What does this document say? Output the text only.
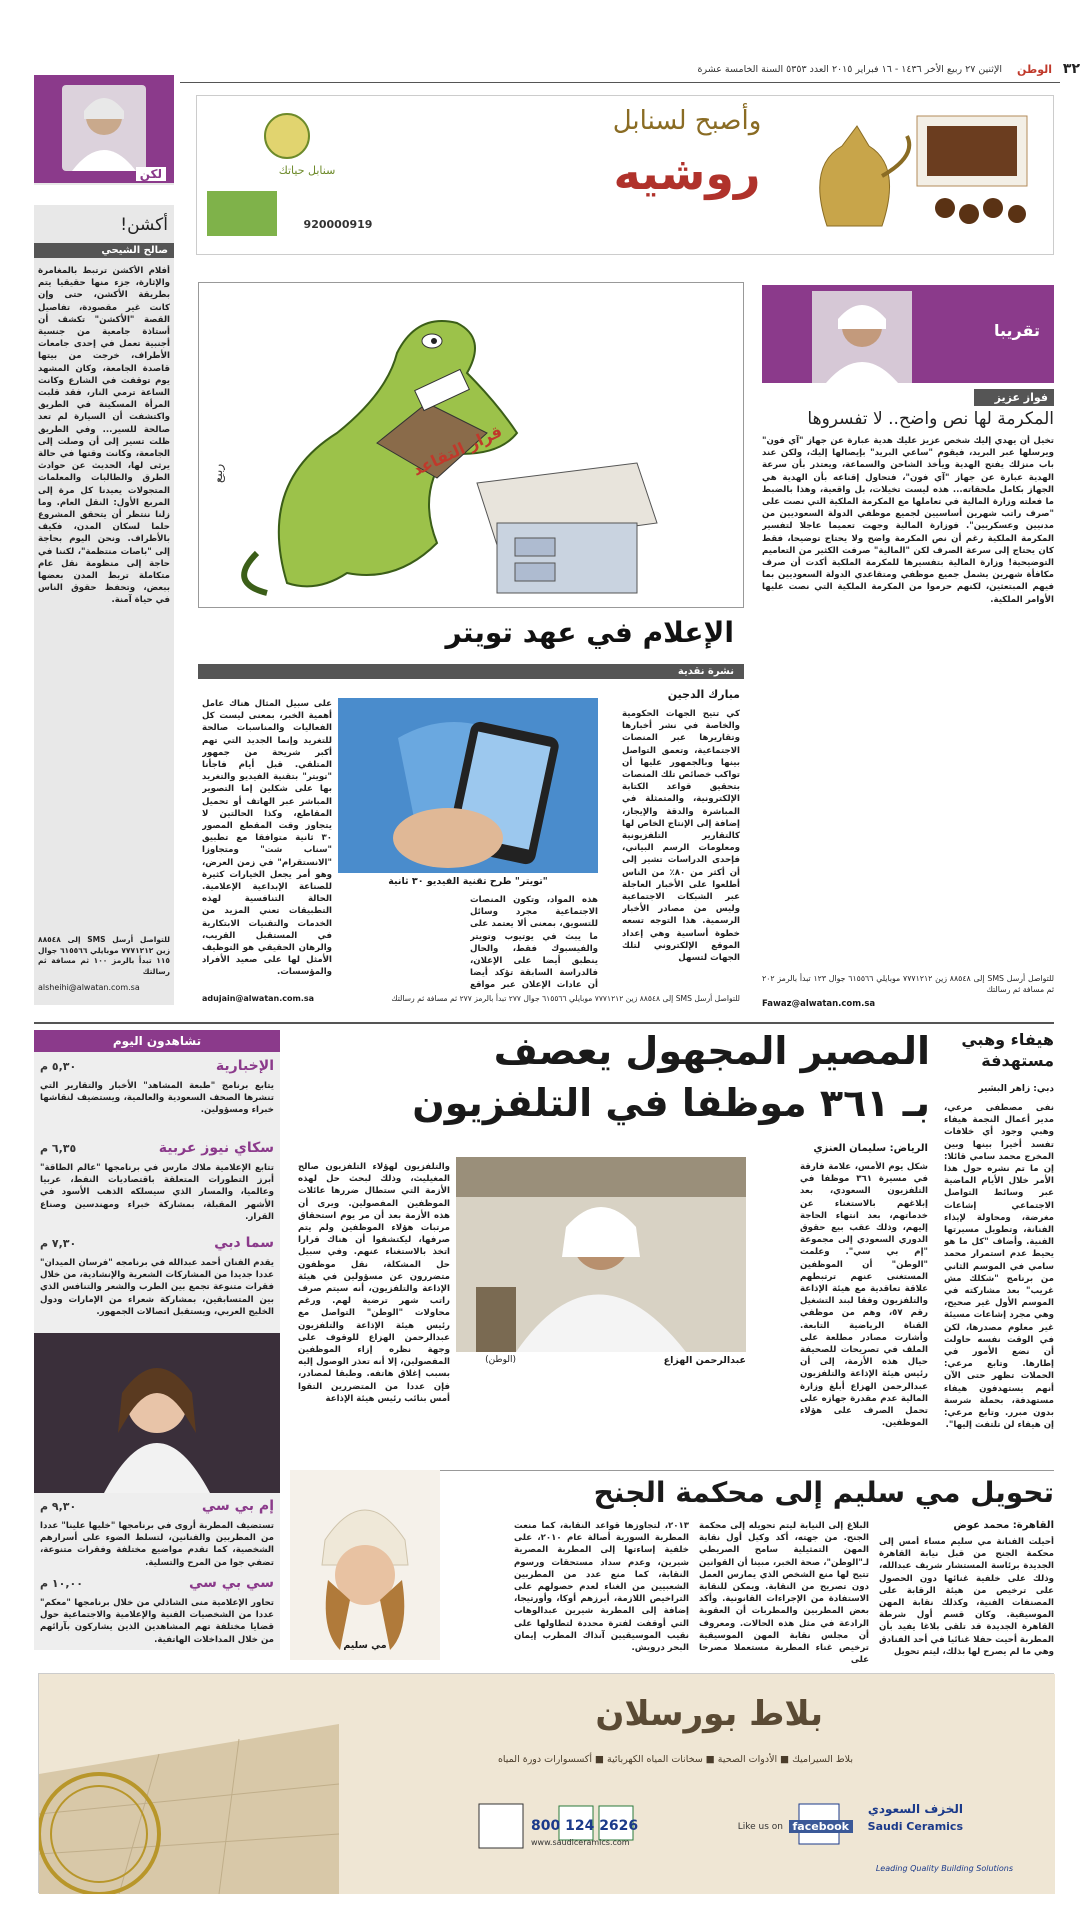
٣٢
الوطن
الإثنين ٢٧ ربيع الأخر ١٤٣٦ - ١٦ فبراير ٢٠١٥ العدد ٥٣٥٣ السنة الخامسة عشرة
وأصبح لسنابل
روشيه
سنابل حياتك
920000919
لكن
أكشن!
صالح الشيحي
أفلام الأكشن ترتبط بالمغامرة والإثارة، جزء منها حقيقيا يتم بطريقة الأكشن، حتى وإن كانت غير مقصودة، تفاصيل القصة "الأكشن" تكشف أن أستاذة جامعية من جنسية أجنبية تعمل في إحدى جامعات الأطراف، خرجت من بيتها قاصدة الجامعة، وكان المشهد يوم توقفت في الشارع وكانت الساعة ترمي النار، فقد قلبت المرأة المسكينة في الطريق واكتشفت أن السيارة لم تعد صالحة للسير... وفي الطريق ظلت تسير إلى أن وصلت إلى الجامعة، وكانت وقتها في حالة يرثى لها، الحديث عن حوادث الطرق والطالبات والمعلمات المتجولات يعيدنا كل مرة إلى المربع الأول: النقل العام. وما زلنا ننتظر أن يتحقق المشروع حلما لسكان المدن، فكيف بالأطراف. ونحن اليوم بحاجة إلى "باصات منتظمة"، لكننا في حاجة إلى منظومة نقل عام متكاملة تربط المدن بعضها ببعض، وتحفظ حقوق الناس في حياة آمنة.
للتواصل أرسل SMS إلى ٨٨٥٤٨ زين ٧٧٧١٢١٢ موبايلي ٦١٥٥٦٦ جوال ١١٥ تبدأ بالرمز ١٠٠ ثم مسافة ثم رسالتك
alsheihi@alwatan.com.sa
تقريبا
فواز عزيز
المكرمة لها نص واضح.. لا تفسروها
تخيل أن يهدي إليك شخص عزيز عليك هدية عبارة عن جهاز "آي فون" ويرسلها عبر البريد، فيقوم "ساعي البريد" بإيصالها إليك، ولكن عند باب منزلك يفتح الهدية ويأخذ الشاحن والسماعة، ويعتذر بأن سرعة الهدية عبارة عن جهاز "آي فون"، فتحاول إقناعه بأن الهدية هي الجهاز بكامل ملحقاته... هذه ليست تخيلات، بل واقعية، وهذا بالضبط ما فعلته وزارة المالية في تعاملها مع المكرمة الملكية التي نصت على "صرف راتب شهرين أساسيين لجميع موظفي الدولة السعوديين من مدنيين وعسكريين". فوزارة المالية وجهت تعميما عاجلا لتفسير المكرمة الملكية رغم أن نص المكرمة واضح ولا يحتاج توضيحا، فقط كان يحتاج إلى سرعة الصرف لكن "المالية" صرفت الكثير من التعاميم التوضيحية! وزارة المالية بتفسيرها للمكرمة الملكية أكدت أن صرف مكافأة شهرين يشمل جميع موظفي ومتقاعدي الدولة السعوديين بما فيهم المبتعثين، لكنهم حرموا من المكرمة الملكية التي نصت عليها الأوامر الملكية.
للتواصل أرسل SMS إلى ٨٨٥٤٨ زين ٧٧٧١٢١٢ موبايلي ٦١٥٥٦٦ جوال ١٢٣ تبدأ بالرمز ٢٠٢ ثم مسافة ثم رسالتك
Fawaz@alwatan.com.sa
قرار التقاعد
ربيع
الإعلام في عهد تويتر
نشرة نقدية
مبارك الدجين
كي تتيح الجهات الحكومية والخاصة في نشر أخبارها وتقاريرها عبر المنصات الاجتماعية، وتعمق التواصل بينها وبالجمهور عليها أن تواكب خصائص تلك المنصات بتحقيق قواعد الكتابة الإلكترونية، والمتمثلة في المباشرة والدقة والإيجاز، إضافة إلى الإنتاج الخاص لها كالتقارير التلفزيونية ومعلومات الرسم البياني، فإحدى الدراسات تشير إلى أن أكثر من ٨٠٪ من الناس أطلعوا على الأخبار العاجلة عبر الشبكات الاجتماعية وليس من مصادر الأخبار الرسمية. هذا التوجه تسعه خطوة أساسية وهي إعداد الموقع الإلكتروني لتلك الجهات لتسهل
"تويتر" طرح تقنية الفيديو ٣٠ ثانية
هذه المواد، وتكون المنصات الاجتماعية مجرد وسائل للتسويق، بمعنى ألا يعتمد على ما يبث في يوتيوب وتويتر والفيسبوك فقط، والحال ينطبق أيضا على الإعلان، فالدراسة السابقة تؤكد أيضا أن عادات الإعلان عبر مواقع
على سبيل المثال هناك عامل أهمية الخبر، بمعنى ليست كل الفعاليات والمناسبات صالحة للتغريد وإنما الجديد التي تهم أكبر شريحة من جمهور المتلقي. قبل أيام فاجأنا "تويتر" بتقنية الفيديو والتغريد بها على شكلين إما التصوير المباشر عبر الهاتف أو تحميل المقاطع، وكذا الحالتين لا يتجاوز وقت المقطع المصور ٣٠ ثانية متوافقا مع تطبيق "سناب شت" ومتجاوزا "الانستقرام" في زمن العرض، وهو أمر يجعل الخيارات كثيرة للصناعة الإبداعية الإعلامية. الحالة التنافسية لهذه التطبيقات تعني المزيد من الخدمات والتقنيات الابتكارية في المستقبل القريب، والرهان الحقيقي هو التوظيف الأمثل لها على صعيد الأفراد والمؤسسات.
للتواصل أرسل SMS إلى ٨٨٥٤٨ زين ٧٧٧١٢١٢ موبايلي ٦١٥٥٦٦ جوال ٢٧٧ تبدأ بالرمز ٢٧٧ ثم مسافة ثم رسالتك
adujain@alwatan.com.sa
هيفاء وهبي مستهدفة
دبي: زاهر البشير
نفى مصطفى مرعي، مدير أعمال النجمة هيفاء وهبي وجود أي خلافات تفسد أخيرا بينها وبين المخرج محمد سامي قائلا: إن ما تم نشره حول هذا الأمر خلال الأيام الماضية عبر وسائط التواصل الاجتماعي إشاعات مغرضة، ومحاولة لإيذاء الفنانة، وتطويل مسيرتها الفنية. وأضاف "كل ما هو يحيط عدم استمرار محمد سامي في الموسم الثاني من برنامج "شكلك مش غريب" بعد مشاركته في الموسم الأول غير صحيح، وهي مجرد إشاعات مسيئة غير معلوم مصدرها، لكن في الوقت نفسه حاولت أن نضع الأمور في إطارها. وتابع مرعي: الحملات تظهر حتى الآن أنهم يستهدفون هيفاء مستهدفة، بحملة شرسة بدون مبرر. وتابع مرعي: إن هيفاء لن تلتفت إليها".
المصير المجهول يعصف
بـ ٣٦١ موظفا في التلفزيون
الرياض: سليمان العنزي
شكل يوم الأمس، علامة فارقة في مسيرة ٣٦١ موظفا في التلفزيون السعودي، بعد إبلاغهم بالاستغناء عن خدماتهم، بعد انتهاء الحاجة إليهم، وذلك عقب بيع حقوق الدوري السعودي إلى مجموعة "إم بي سي". وعلمت "الوطن" أن الموظفين المستغنى عنهم ترتبطهم علاقة تعاقدية مع هيئة الإذاعة والتلفزيون وفقا لبند التشغيل رقم ٥٧، وهم من موظفي القناة الرياضية التابعة. وأشارت مصادر مطلعة على الملف في تصريحات للصحيفة حيال هذه الأزمة، إلى أن رئيس هيئة الإذاعة والتلفزيون عبدالرحمن الهزاع أبلغ وزارة المالية عدم مقدرة جهازه على تحمل الصرف على هؤلاء الموظفين.
عبدالرحمن الهزاع
(الوطن)
والتلفزيون لهؤلاء التلفزيون صالح المغيليث، وذلك لبحث حل لهذه الأزمة التي ستطال ضررها عائلات الموظفين المفصولين. ويرى أن هذه الأزمة بعد أن مر يوم استحقاق مرتبات هؤلاء الموظفين ولم يتم صرفها، ليكتشفوا أن هناك قرارا اتخذ بالاستغناء عنهم. وفي سبيل حل المشكلة، نقل موظفون متضررون عن مسؤولين في هيئة الإذاعة والتلفزيون، أنه سيتم صرف راتب شهر ترضية لهم. ورغم محاولات "الوطن" التواصل مع رئيس هيئة الإذاعة والتلفزيون عبدالرحمن الهزاع للوقوف على وجهة نظره إزاء الموظفين المفصولين، إلا أنه تعذر الوصول إليه بسبب إغلاق هاتفه. وطبقا لمصادر، فإن عددا من المتضررين التقوا أمس بنائب رئيس هيئة الإذاعة
تشاهدون اليوم
الإخبارية
٥,٣٠ م
يتابع برنامج "طبعة المشاهد" الأخبار والتقارير التي تنشرها الصحف السعودية والعالمية، ويستضيف لنقاشها خبراء ومسؤولين.
سكاي نيوز عربية
٦,٣٥ م
تتابع الإعلامية ملاك مارس في برنامجها "عالم الطاقة" أبرز التطورات المتعلقة باقتصاديات النفط، عربيا وعالميا، والمسار الذي سيسلكه الذهب الأسود في الأشهر المقبلة، بمشاركة خبراء ومهندسين وصناع القرار.
سما دبي
٧,٣٠ م
يقدم الفنان أحمد عبدالله في برنامجه "فرسان الميدان" عددا جديدا من المشاركات الشعرية والإنشادية، من خلال فقرات متنوعة تجمع بين الطرب والشعر والتنافس الذي بين المتسابقين، بمشاركة شعراء من الإمارات ودول الخليج العربي، ويستقبل اتصالات الجمهور.
إم بي سي
٩,٣٠ م
تستضيف المطربة أروى في برنامجها "خليها علينا" عددا من المطربين والفنانين، لتسلط الضوء على أسرارهم الشخصية، كما تقدم مواضيع مختلفة وفقرات متنوعة، تضفي جوا من المرح والتسلية.
سي بي سي
١٠,٠٠ م
تحاور الإعلامية منى الشاذلي من خلال برنامجها "معكم" عددا من الشخصيات الفنية والإعلامية والاجتماعية حول قضايا مختلفة تهم المشاهدين الذين يشاركون بآرائهم من خلال المداخلات الهاتفية.
تحويل مي سليم إلى محكمة الجنح
القاهرة: محمد عوض
أحيلت الفنانة مي سليم مساء أمس إلى محكمة الجنح من قبل نيابة القاهرة الجديدة برئاسة المستشار شريف عبدالله، وذلك على خلفية غنائها دون الحصول على ترخيص من هيئة الرقابة على المصنفات الفنية، وكذلك نقابة المهن الموسيقية. وكان قسم أول شرطة القاهرة الجديدة قد تلقى بلاغا يفيد بأن المطربة أحيت حفلا غنائيا في أحد الفنادق وهي ما لم يصرح لها بذلك، ليتم تحويل
البلاغ إلى النيابة ليتم تحويله إلى محكمة الجنح. من جهته، أكد وكيل أول نقابة المهن التمثيلية سامح الصريطي لـ"الوطن"، صحة الخبر، مبينا أن القوانين تتيح لها منع الشخص الذي يمارس العمل دون تصريح من النقابة. ويمكن للنقابة الاستفادة من الإجراءات القانونية. وأكد بعض المطربين والمطربات أن العقوبة الرادعة في مثل هذه الحالات. ومعروف أن مجلس نقابة المهن الموسيقية ترخيص غناء المطربة مستعملا مصرحا على
٢٠١٣، لتجاوزها قواعد النقابة، كما منعت المطربة السورية أصالة عام ٢٠١٠، على خلفية إساءتها إلى المطربة المصرية شيرين، وعدم سداد مستحقات ورسوم النقابة، كما منع عدد من المطربين الشعبيين من الغناء لعدم حصولهم على التراخيص اللازمة، أبرزهم أوكا، وأورتيجا، إضافة إلى المطربة شيرين عبدالوهاب التي أوقفت لفترة محددة لتطاولها على نقيب الموسيقيين آنذاك المطرب إيمان البحر درويش.
مي سليم
بلاط بورسلان
بلاط السيراميك ■ الأدوات الصحية ■ سخانات المياه الكهربائية ■ أكسسوارات دورة المياه
الخزف السعودي
Saudi Ceramics
Leading Quality Building Solutions
800 124 2626
www.saudiceramics.com
Like us on facebook
